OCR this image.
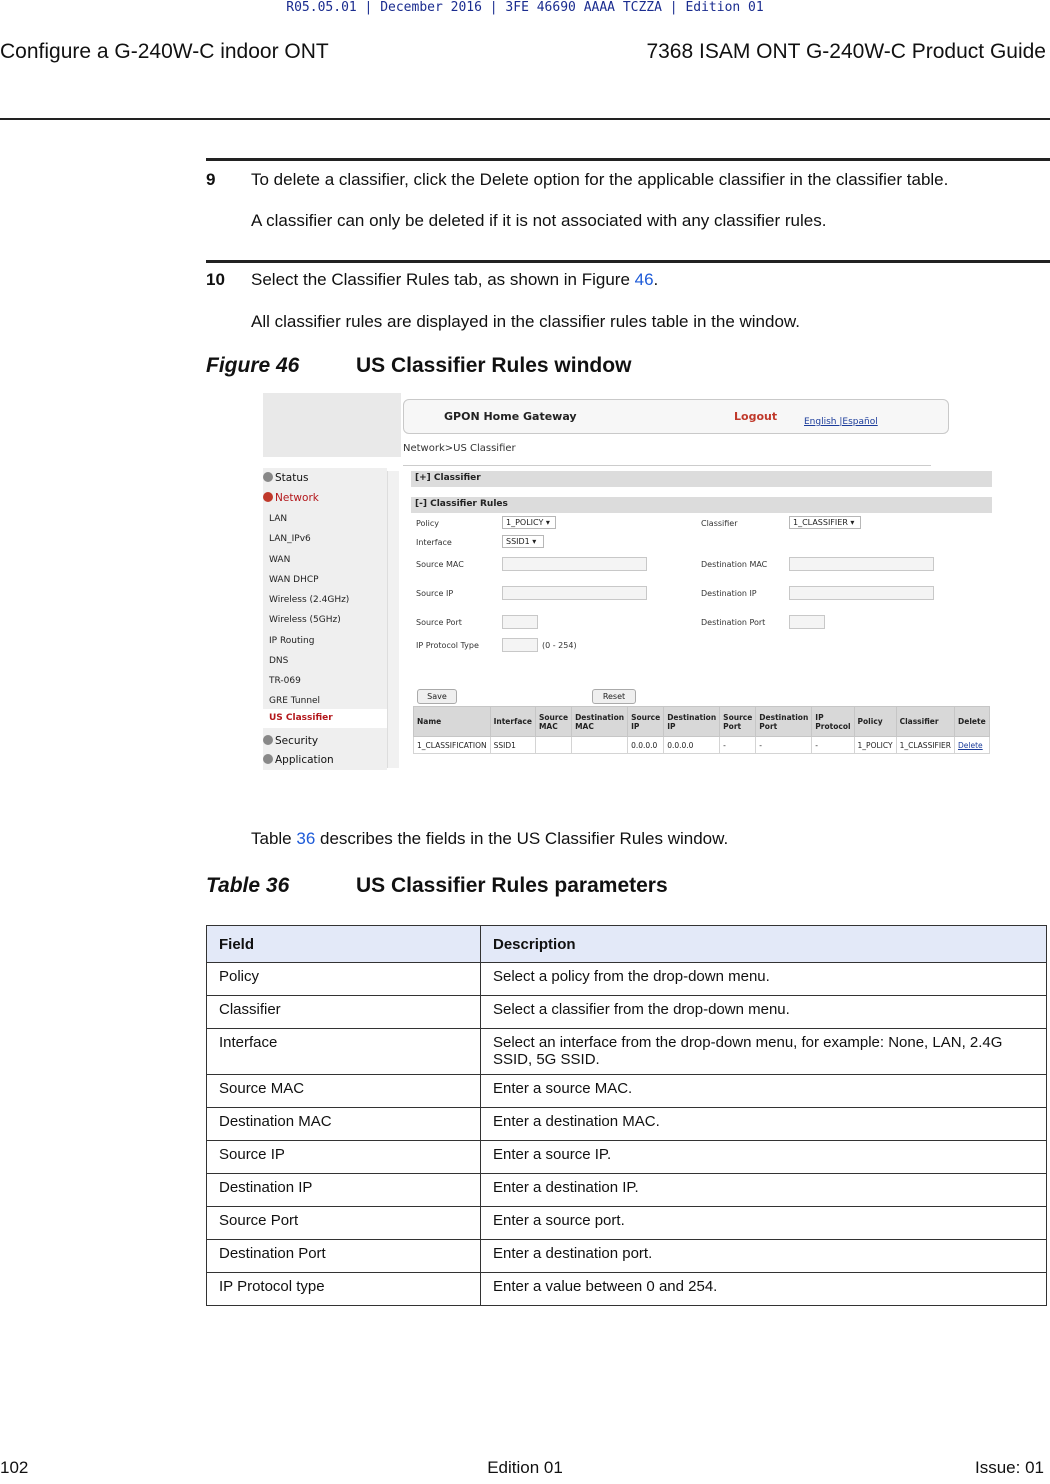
R05.05.01 | December 2016 | 3FE 46690 AAAA TCZZA | Edition 01
Configure a G-240W-C indoor ONT	7368 ISAM ONT G-240W-C Product Guide
9 To delete a classifier, click the Delete option for the applicable classifier in the classifier table.
A classifier can only be deleted if it is not associated with any classifier rules.
10 Select the Classifier Rules tab, as shown in Figure 46.
All classifier rules are displayed in the classifier rules table in the window.
Figure 46	US Classifier Rules window
GPON Home Gateway	Logout	English |Español
Network>US Classifier
Status
Network
LAN
LAN_IPv6
WAN
WAN DHCP
Wireless (2.4GHz)
Wireless (5GHz)
IP Routing
DNS
TR-069
GRE Tunnel
US Classifier
Security
Application
[+] Classifier
[-] Classifier Rules
Policy	1_POLICY ▾	Classifier	1_CLASSIFIER ▾
Interface	SSID1 ▾
Source MAC	Destination MAC
Source IP	Destination IP
Source Port	Destination Port
IP Protocol Type	(0 - 254)
Save	Reset
Name	Interface	Source MAC	Destination MAC	Source IP	Destination IP	Source Port	Destination Port	IP Protocol	Policy	Classifier	Delete
1_CLASSIFICATION	SSID1			0.0.0.0	0.0.0.0	-	-	-	1_POLICY	1_CLASSIFIER	Delete
Table 36 describes the fields in the US Classifier Rules window.
Table 36	US Classifier Rules parameters
Field	Description
Policy	Select a policy from the drop-down menu.
Classifier	Select a classifier from the drop-down menu.
Interface	Select an interface from the drop-down menu, for example: None, LAN, 2.4G SSID, 5G SSID.
Source MAC	Enter a source MAC.
Destination MAC	Enter a destination MAC.
Source IP	Enter a source IP.
Destination IP	Enter a destination IP.
Source Port	Enter a source port.
Destination Port	Enter a destination port.
IP Protocol type	Enter a value between 0 and 254.
102	Edition 01	Issue: 01
